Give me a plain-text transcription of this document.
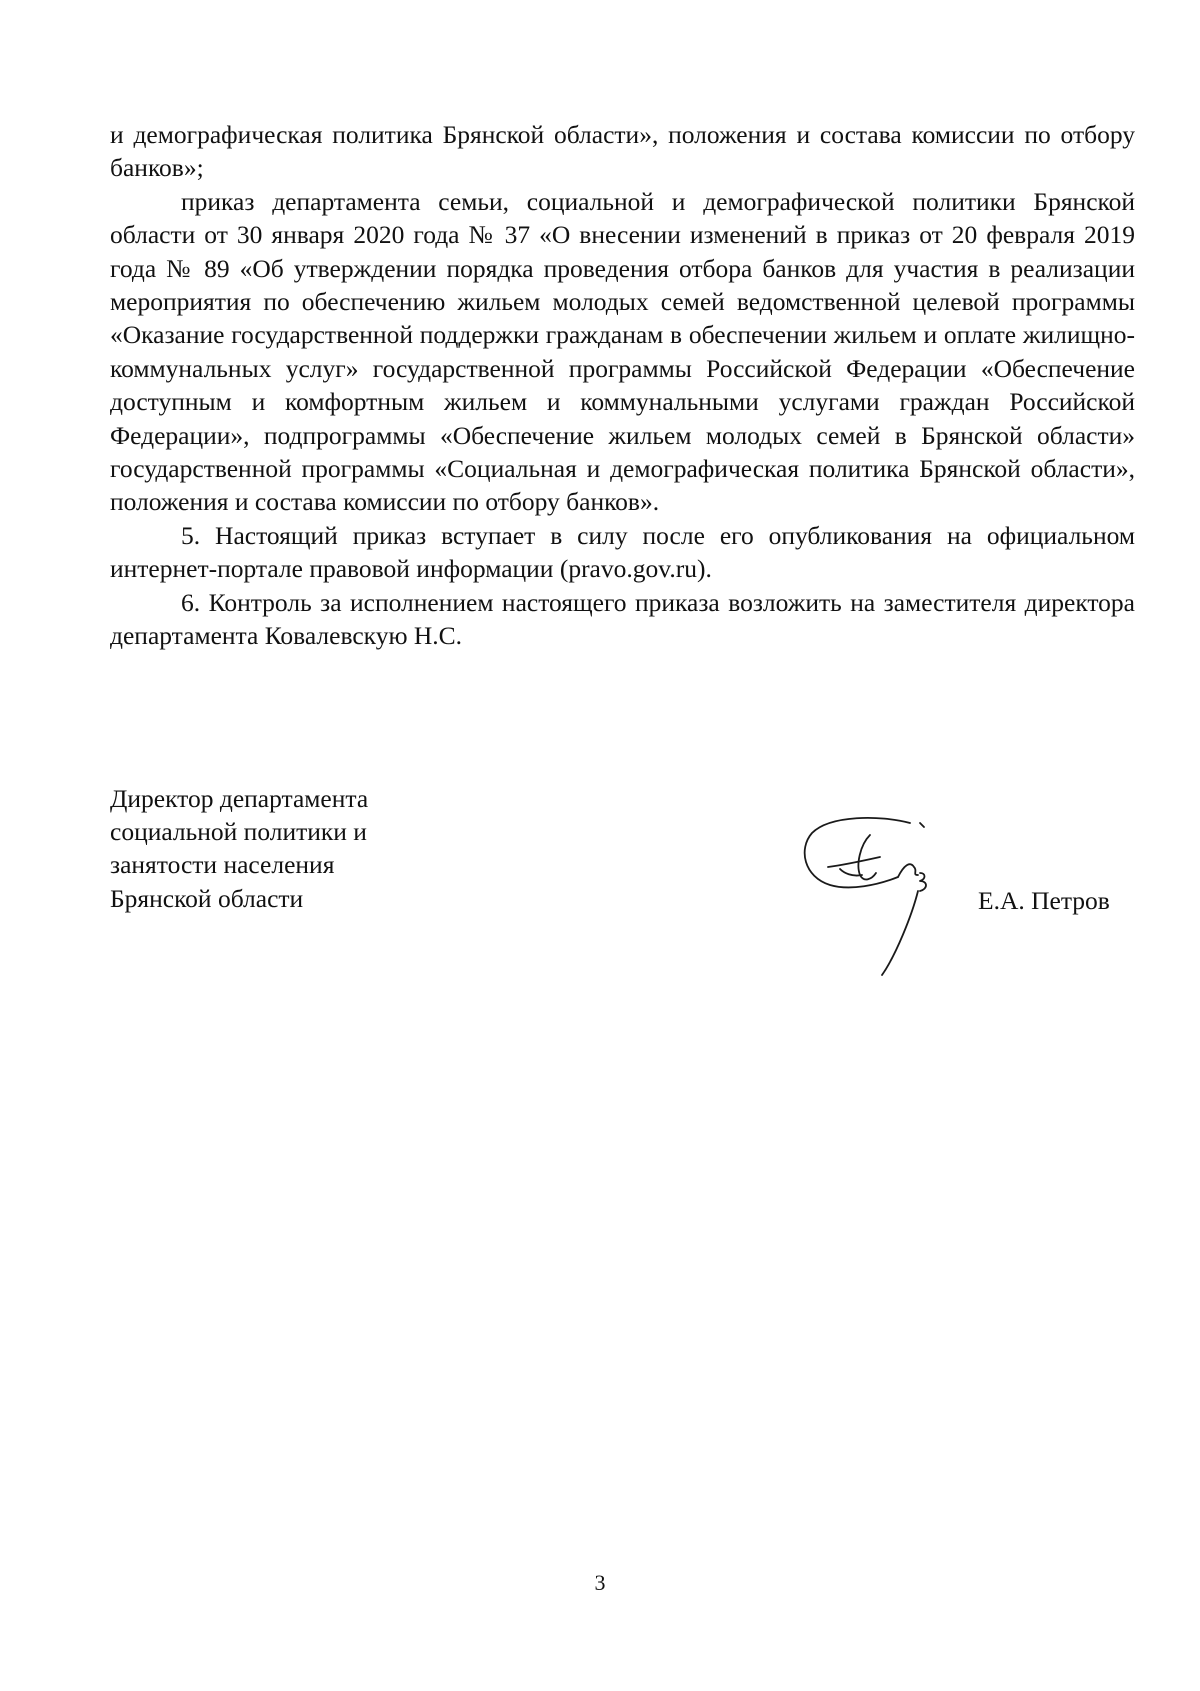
и демографическая политика Брянской области», положения и состава комиссии по отбору банков»;

приказ департамента семьи, социальной и демографической политики Брянской области от 30 января 2020 года № 37 «О внесении изменений в приказ от 20 февраля 2019 года № 89 «Об утверждении порядка проведения отбора банков для участия в реализации мероприятия по обеспечению жильем молодых семей ведомственной целевой программы «Оказание государственной поддержки гражданам в обеспечении жильем и оплате жилищно-коммунальных услуг» государственной программы Российской Федерации «Обеспечение доступным и комфортным жильем и коммунальными услугами граждан Российской Федерации», подпрограммы «Обеспечение жильем молодых семей в Брянской области» государственной программы «Социальная и демографическая политика Брянской области», положения и состава комиссии по отбору банков».

5. Настоящий приказ вступает в силу после его опубликования на официальном интернет-портале правовой информации (pravo.gov.ru).

6. Контроль за исполнением настоящего приказа возложить на заместителя директора департамента Ковалевскую Н.С.

Директор департамента
социальной политики и
занятости населения
Брянской области	Е.А. Петров
3
